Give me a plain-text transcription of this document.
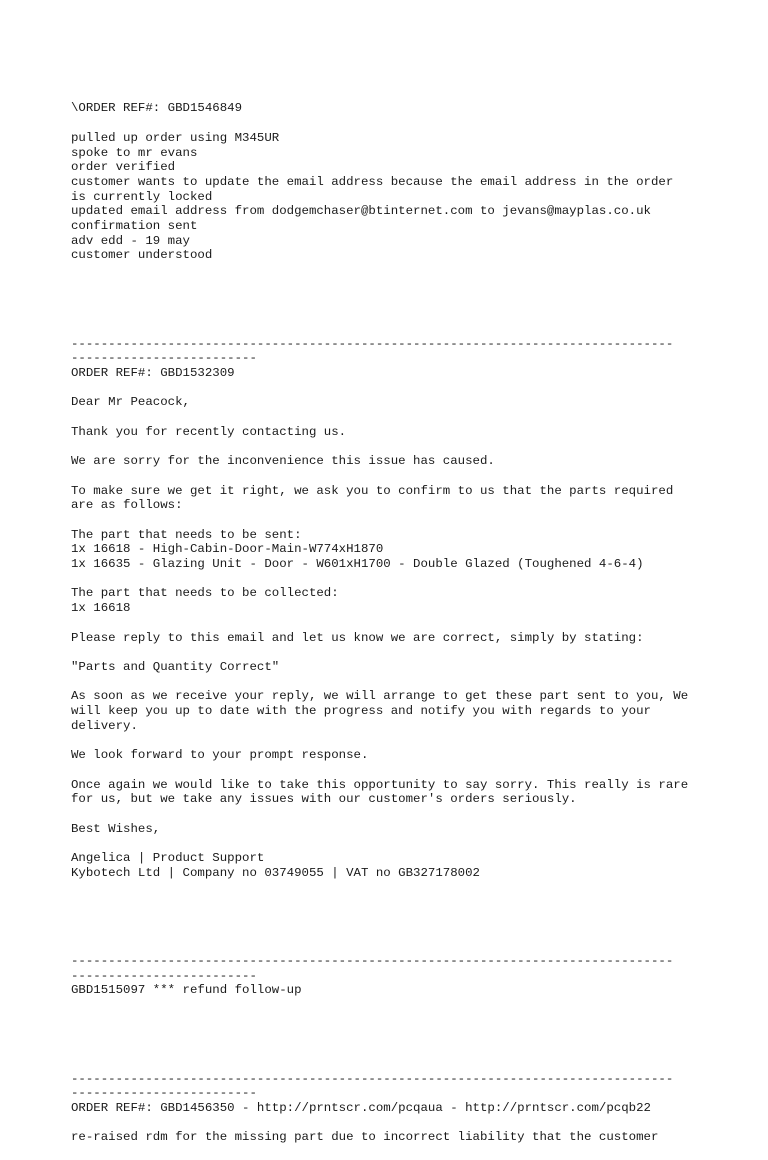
\ORDER REF#: GBD1546849
pulled up order using M345UR
spoke to mr evans
order verified
customer wants to update the email address because the email address in the order
is currently locked
updated email address from dodgemchaser@btinternet.com to jevans@mayplas.co.uk
confirmation sent
adv edd - 19 may
customer understood

---------------------------------------------------------------------------------
-------------------------
ORDER REF#: GBD1532309
Dear Mr Peacock,
Thank you for recently contacting us.
We are sorry for the inconvenience this issue has caused.
To make sure we get it right, we ask you to confirm to us that the parts required
are as follows:
The part that needs to be sent:
1x 16618 - High-Cabin-Door-Main-W774xH1870
1x 16635 - Glazing Unit - Door - W601xH1700 - Double Glazed (Toughened 4-6-4)
The part that needs to be collected:
1x 16618
Please reply to this email and let us know we are correct, simply by stating:
"Parts and Quantity Correct"
As soon as we receive your reply, we will arrange to get these part sent to you, We
will keep you up to date with the progress and notify you with regards to your
delivery.
We look forward to your prompt response.
Once again we would like to take this opportunity to say sorry. This really is rare
for us, but we take any issues with our customer's orders seriously.
Best Wishes,
Angelica | Product Support
Kybotech Ltd | Company no 03749055 | VAT no GB327178002

---------------------------------------------------------------------------------
-------------------------
GBD1515097 *** refund follow-up

---------------------------------------------------------------------------------
-------------------------
ORDER REF#: GBD1456350 - http://prntscr.com/pcqaua - http://prntscr.com/pcqb22
re-raised rdm for the missing part due to incorrect liability that the customer
